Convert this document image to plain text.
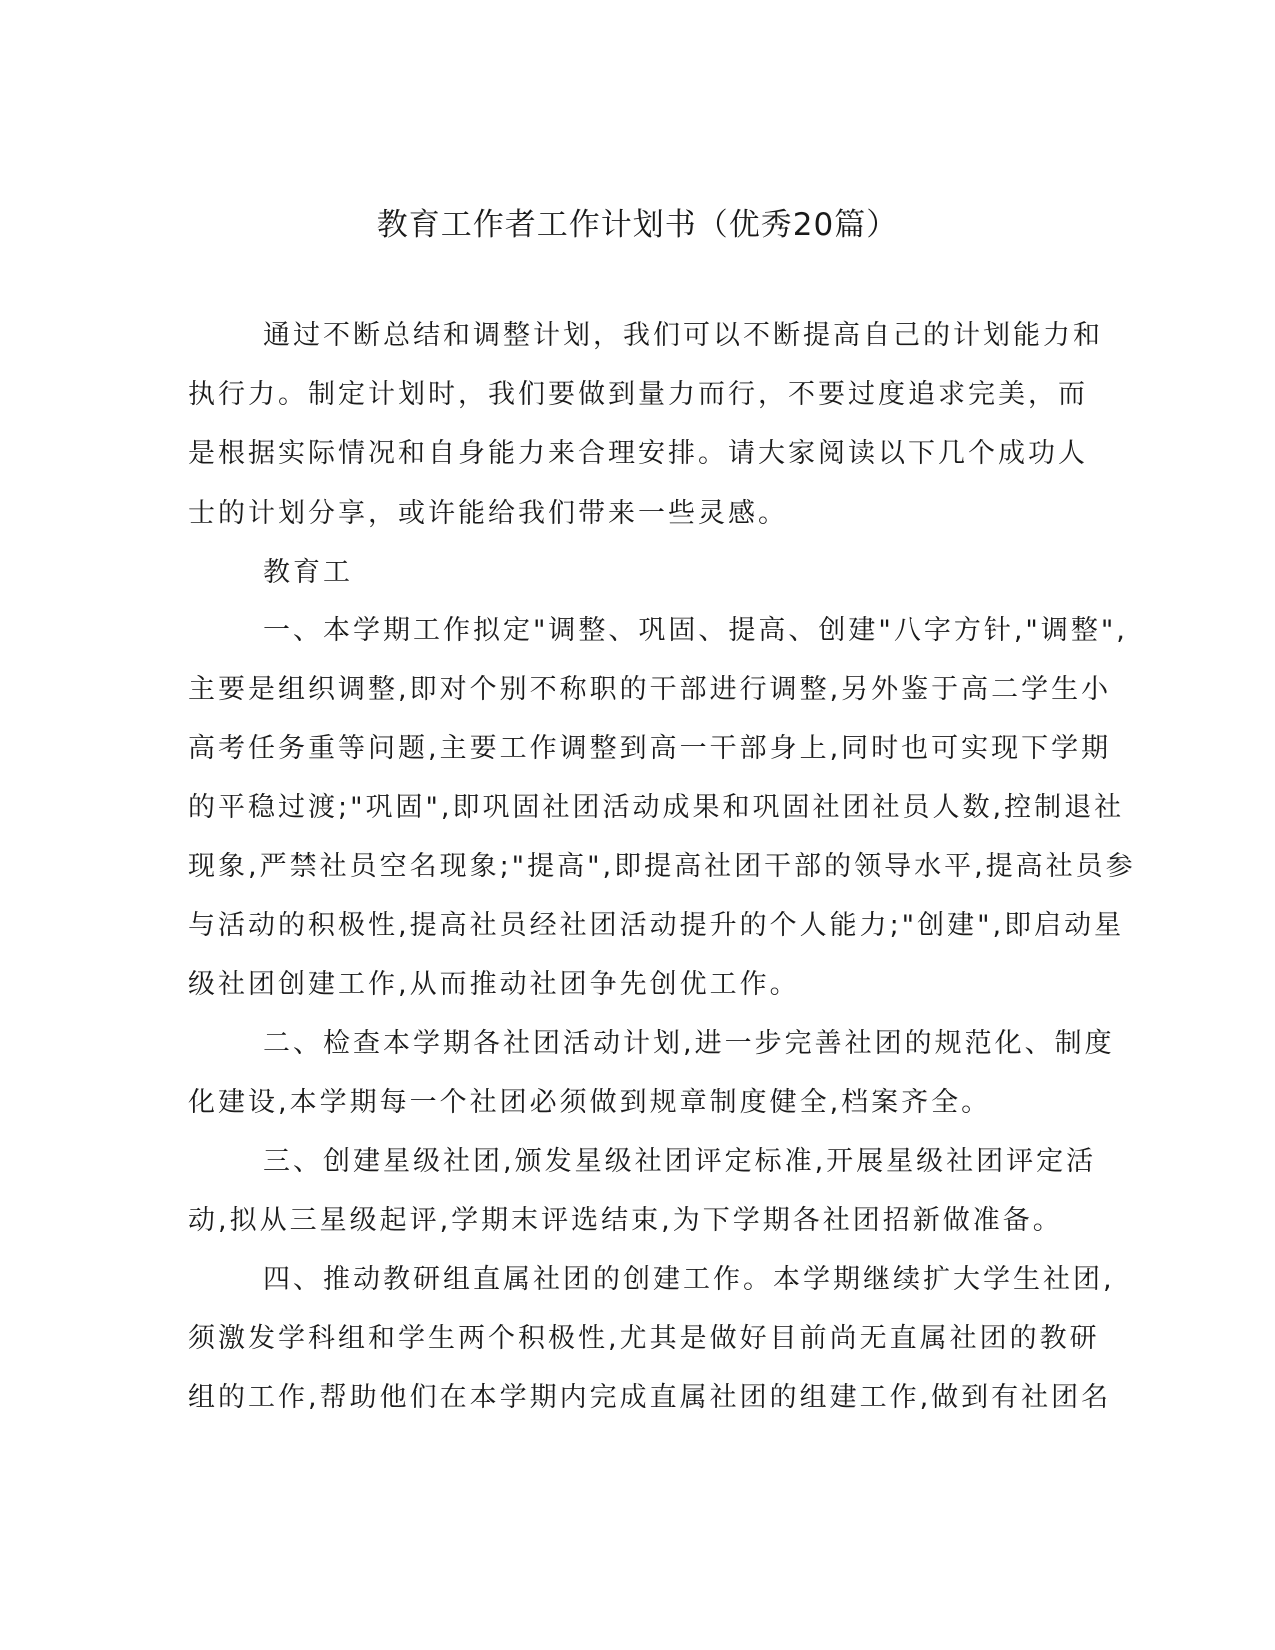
教育工作者工作计划书（优秀20篇）
通过不断总结和调整计划，我们可以不断提高自己的计划能力和
执行力。制定计划时，我们要做到量力而行，不要过度追求完美，而
是根据实际情况和自身能力来合理安排。请大家阅读以下几个成功人
士的计划分享，或许能给我们带来一些灵感。
教育工
一、本学期工作拟定"调整、巩固、提高、创建"八字方针,"调整",
主要是组织调整,即对个别不称职的干部进行调整,另外鉴于高二学生小
高考任务重等问题,主要工作调整到高一干部身上,同时也可实现下学期
的平稳过渡;"巩固",即巩固社团活动成果和巩固社团社员人数,控制退社
现象,严禁社员空名现象;"提高",即提高社团干部的领导水平,提高社员参
与活动的积极性,提高社员经社团活动提升的个人能力;"创建",即启动星
级社团创建工作,从而推动社团争先创优工作。
二、检查本学期各社团活动计划,进一步完善社团的规范化、制度
化建设,本学期每一个社团必须做到规章制度健全,档案齐全。
三、创建星级社团,颁发星级社团评定标准,开展星级社团评定活
动,拟从三星级起评,学期末评选结束,为下学期各社团招新做准备。
四、推动教研组直属社团的创建工作。本学期继续扩大学生社团,
须激发学科组和学生两个积极性,尤其是做好目前尚无直属社团的教研
组的工作,帮助他们在本学期内完成直属社团的组建工作,做到有社团名
